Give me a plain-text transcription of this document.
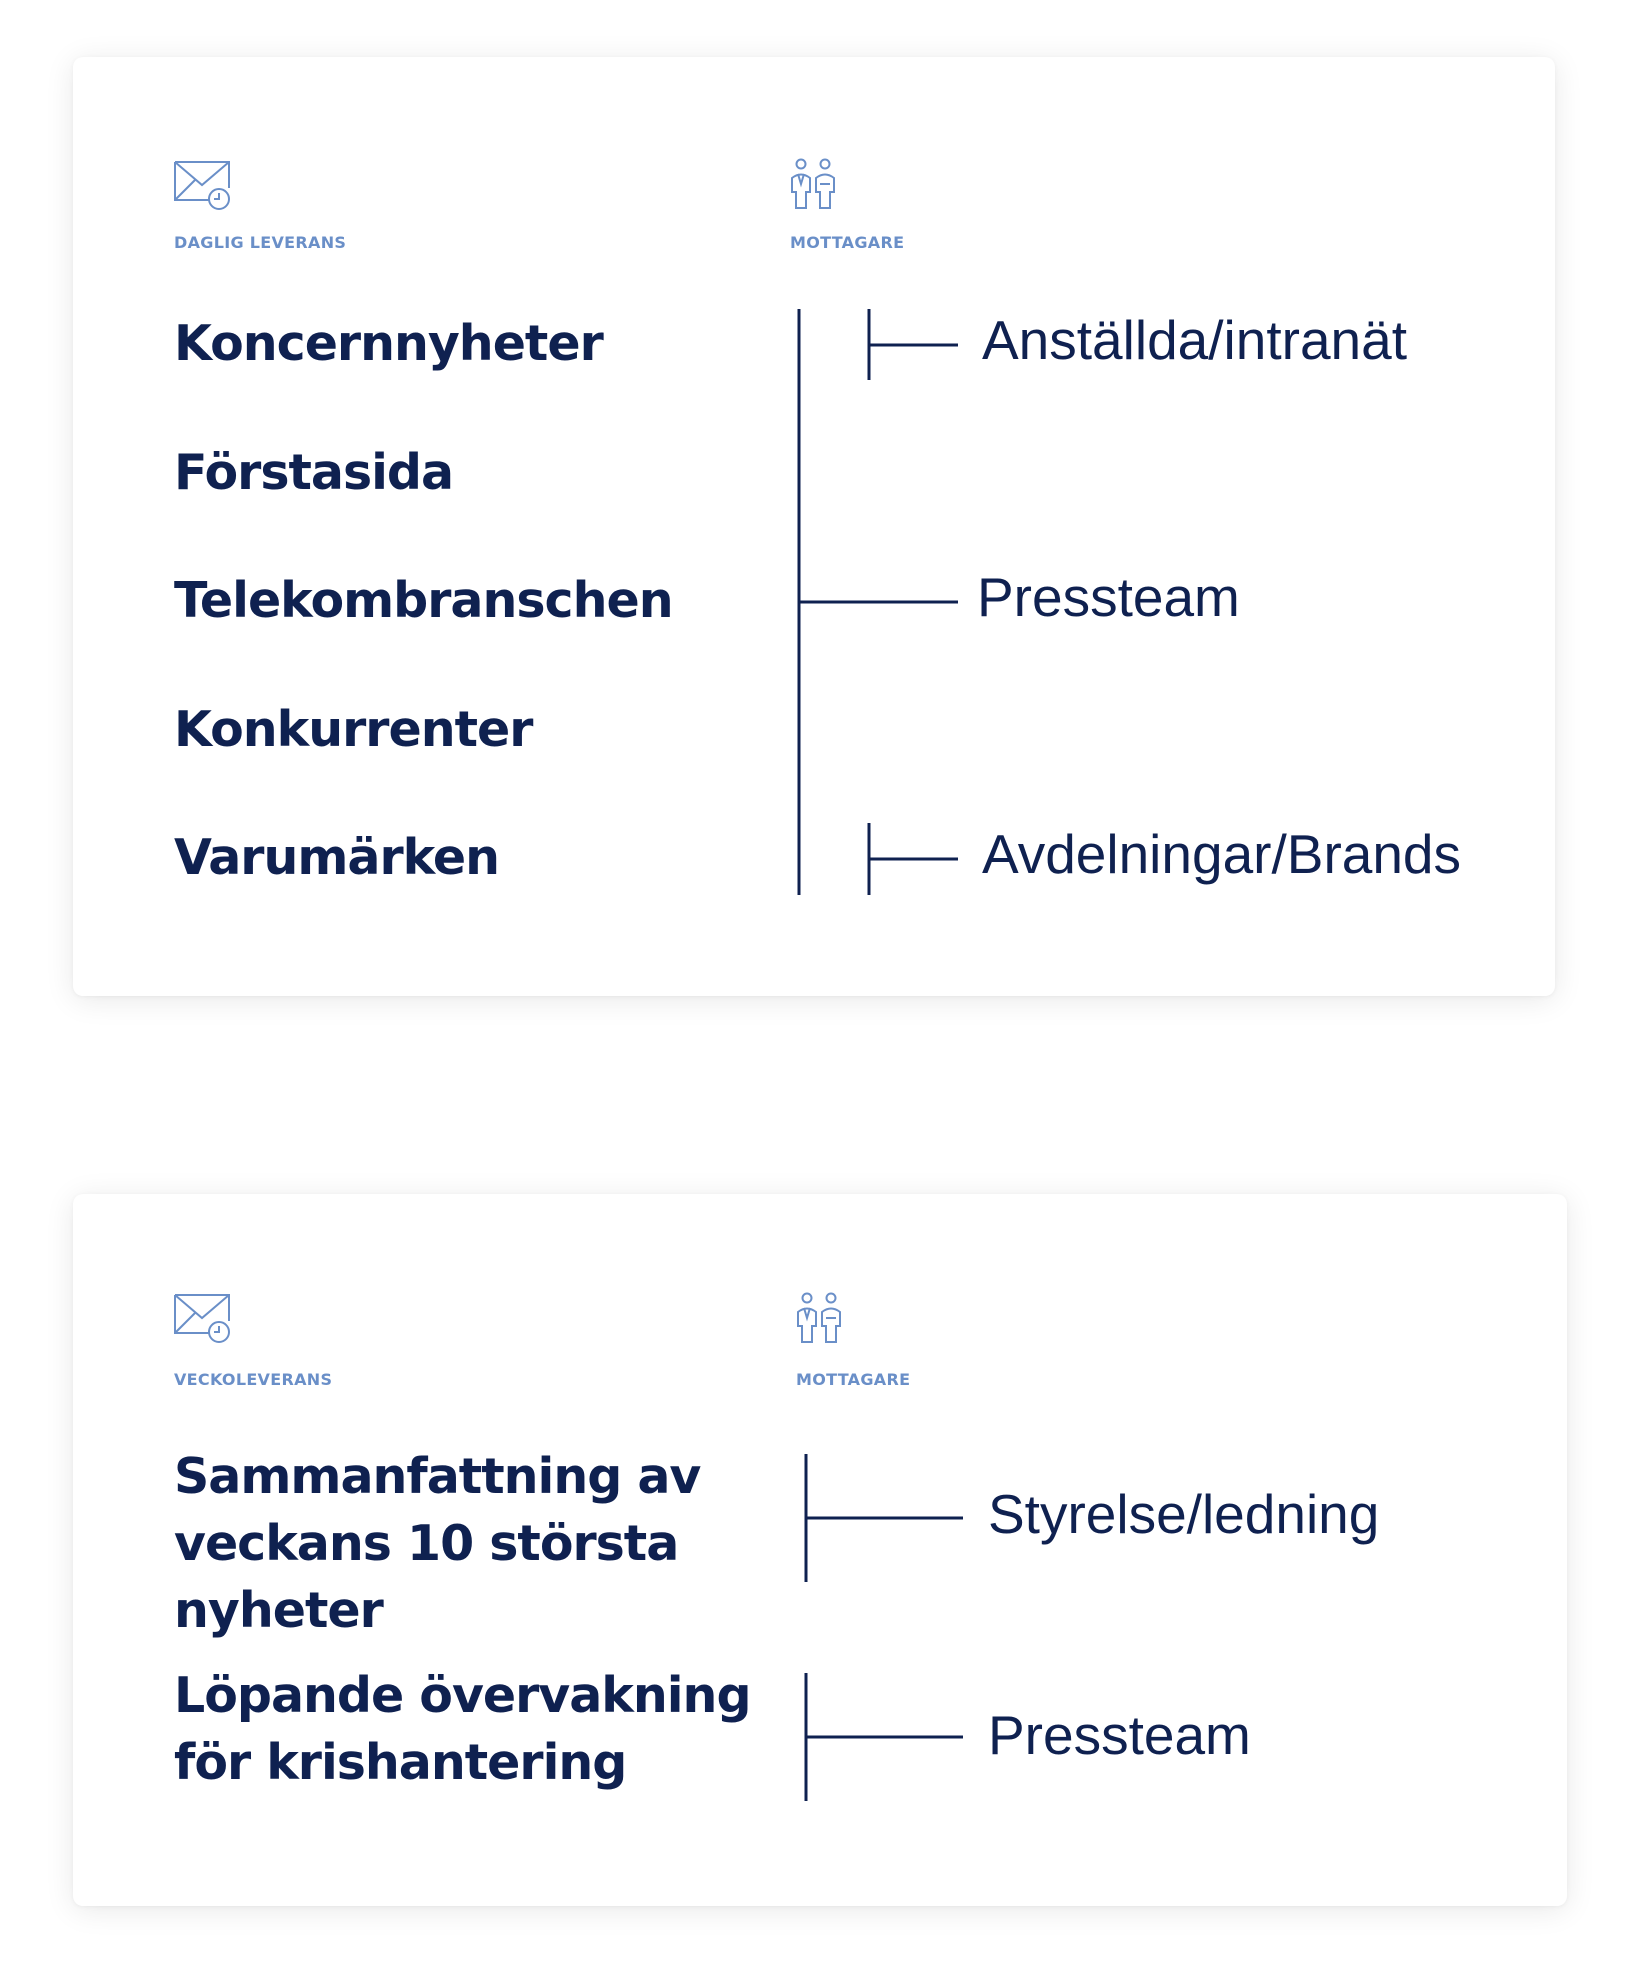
DAGLIG LEVERANS	MOTTAGARE
Koncernnyheter
Förstasida
Telekombranschen
Konkurrenter
Varumärken
Anställda/intranät
Pressteam
Avdelningar/Brands
VECKOLEVERANS	MOTTAGARE
Sammanfattning av
veckans 10 största
nyheter
Löpande övervakning
för krishantering
Styrelse/ledning
Pressteam
